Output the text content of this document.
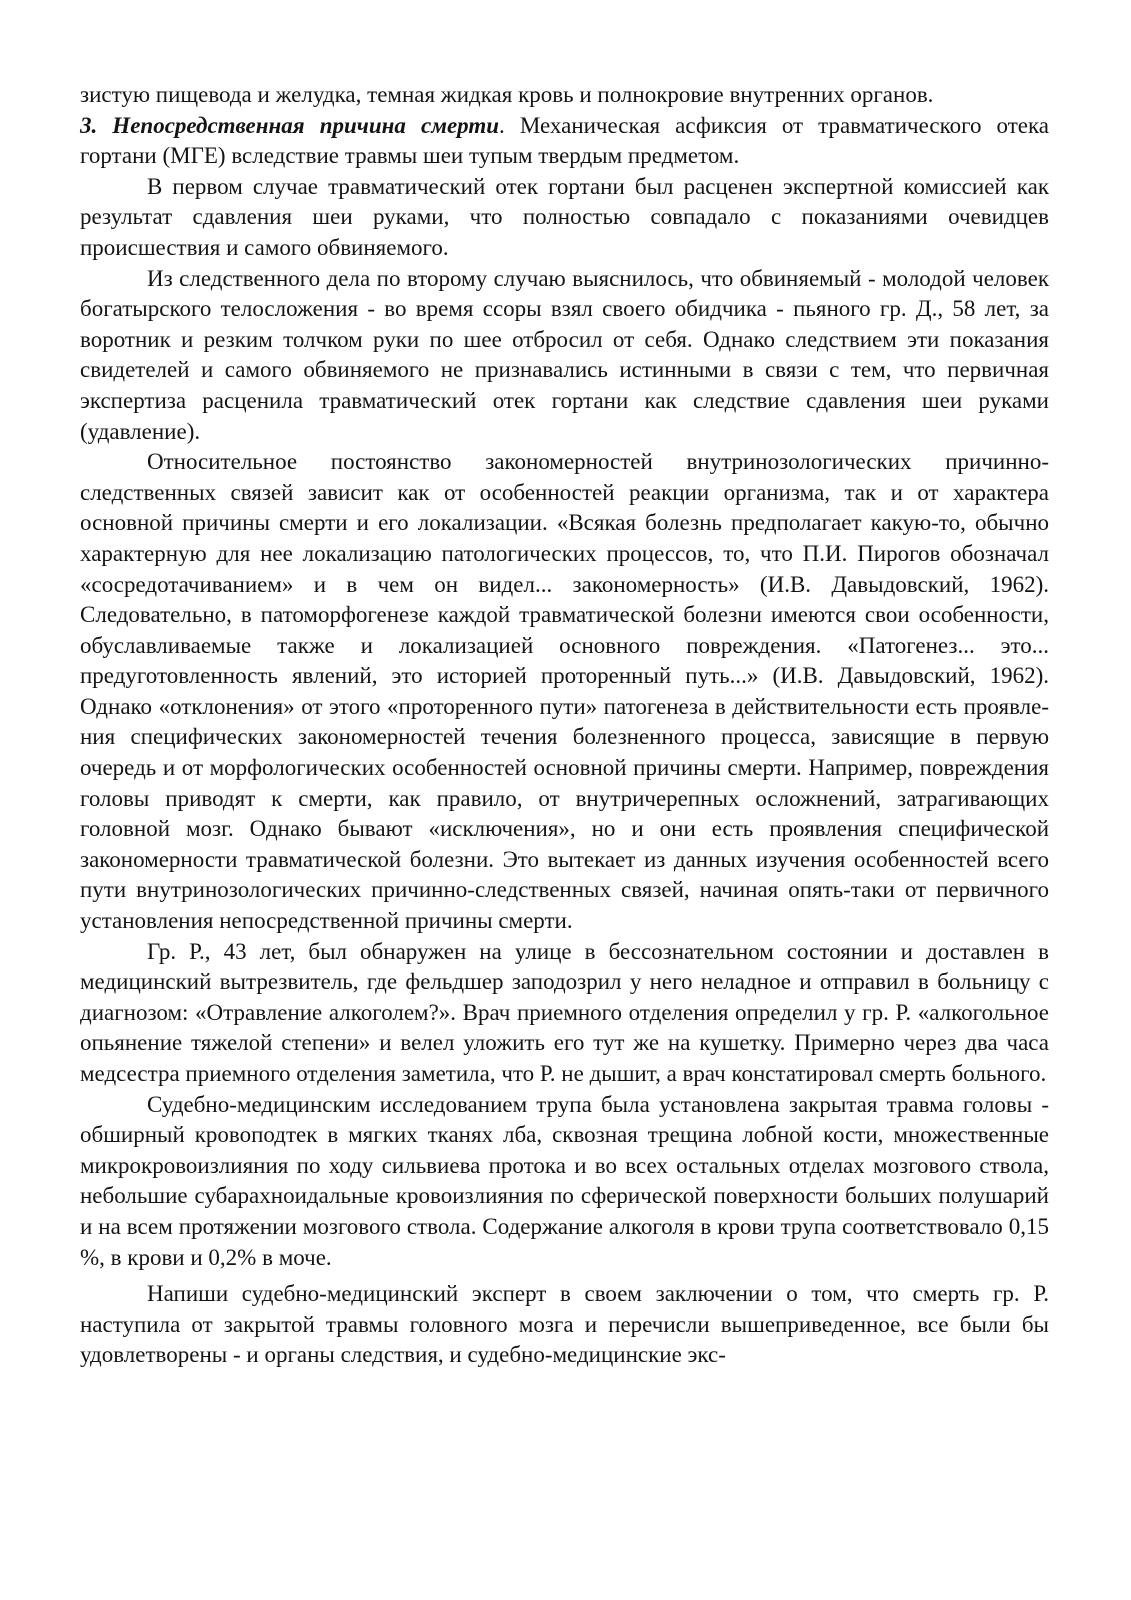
зистую пищевода и желудка, темная жидкая кровь и полнокровие внутренних органов.

3. Непосредственная причина смерти. Механическая асфиксия от травматического отека гортани (МГЕ) вследствие травмы шеи тупым твердым предметом.

В первом случае травматический отек гортани был расценен экспертной комиссией как результат сдавления шеи руками, что полностью совпадало с показаниями очевидцев происшествия и самого обвиняемого.

Из следственного дела по второму случаю выяснилось, что обвиняемый - молодой человек богатырского телосложения - во время ссоры взял своего обидчика - пьяного гр. Д., 58 лет, за воротник и резким толчком руки по шее отбросил от себя. Однако следствием эти показания свидетелей и самого обвиняемого не признавались истинными в связи с тем, что первичная экспертиза расценила травматический отек гортани как следствие сдавления шеи руками (удавление).

Относительное постоянство закономерностей внутринозологических причинно-следственных связей зависит как от особенностей реакции организма, так и от характера основной причины смерти и его локализации. «Всякая болезнь предполагает какую-то, обычно характерную для нее локализацию патологических процессов, то, что П.И. Пирогов обозначал «сосредотачиванием» и в чем он видел... закономерность» (И.В. Давыдовский, 1962). Следовательно, в патоморфогенезе каждой травматической болезни имеются свои особенности, обуславливаемые также и локализацией основного повреждения. «Патогенез... это... предуготовленность явлений, это историей проторенный путь...» (И.В. Давыдовский, 1962). Однако «отклонения» от этого «проторенного пути» патогенеза в действительности есть проявления специфических закономерностей течения болезненного процесса, зависящие в первую очередь и от морфологических особенностей основной причины смерти. Например, повреждения головы приводят к смерти, как правило, от внутричерепных осложнений, затрагивающих головной мозг. Однако бывают «исключения», но и они есть проявления специфической закономерности травматической болезни. Это вытекает из данных изучения особенностей всего пути внутринозологических причинно-следственных связей, начиная опять-таки от первичного установления непосредственной причины смерти.

Гр. Р., 43 лет, был обнаружен на улице в бессознательном состоянии и доставлен в медицинский вытрезвитель, где фельдшер заподозрил у него неладное и отправил в больницу с диагнозом: «Отравление алкоголем?». Врач приемного отделения определил у гр. Р. «алкогольное опьянение тяжелой степени» и велел уложить его тут же на кушетку. Примерно через два часа медсестра приемного отделения заметила, что Р. не дышит, а врач констатировал смерть больного.

Судебно-медицинским исследованием трупа была установлена закрытая травма головы - обширный кровоподтек в мягких тканях лба, сквозная трещина лобной кости, множественные микрокровоизлияния по ходу сильвиева протока и во всех остальных отделах мозгового ствола, небольшие субарахноидальные кровоизлияния по сферической поверхности больших полушарий и на всем протяжении мозгового ствола. Содержание алкоголя в крови трупа соответствовало 0,15 %, в крови и 0,2% в моче.

Напиши судебно-медицинский эксперт в своем заключении о том, что смерть гр. Р. наступила от закрытой травмы головного мозга и перечисли вышеприведенное, все были бы удовлетворены - и органы следствия, и судебно-медицинские экс-
